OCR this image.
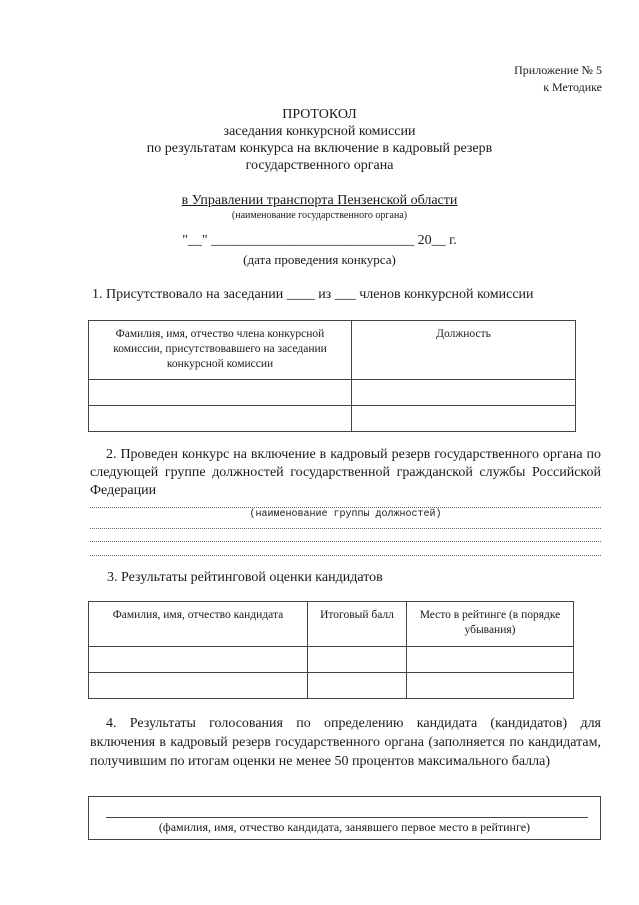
Приложение № 5
к Методике
ПРОТОКОЛ
заседания конкурсной комиссии
по результатам конкурса на включение в кадровый резерв
государственного органа
в Управлении транспорта Пензенской области
(наименование государственного органа)
"__" _____________________________ 20__ г.
(дата проведения конкурса)
1. Присутствовало на заседании ____ из ___ членов конкурсной комиссии
Фамилия, имя, отчество члена конкурсной комиссии, присутствовавшего на заседании конкурсной комиссии	Должность

2. Проведен конкурс на включение в кадровый резерв государственного органа по следующей группе должностей государственной гражданской службы Российской Федерации
(наименование группы должностей)
3. Результаты рейтинговой оценки кандидатов
Фамилия, имя, отчество кандидата	Итоговый балл	Место в рейтинге (в порядке убывания)

4. Результаты голосования по определению кандидата (кандидатов) для включения в кадровый резерв государственного органа (заполняется по кандидатам, получившим по итогам оценки не менее 50 процентов максимального балла)
(фамилия, имя, отчество кандидата, занявшего первое место в рейтинге)
